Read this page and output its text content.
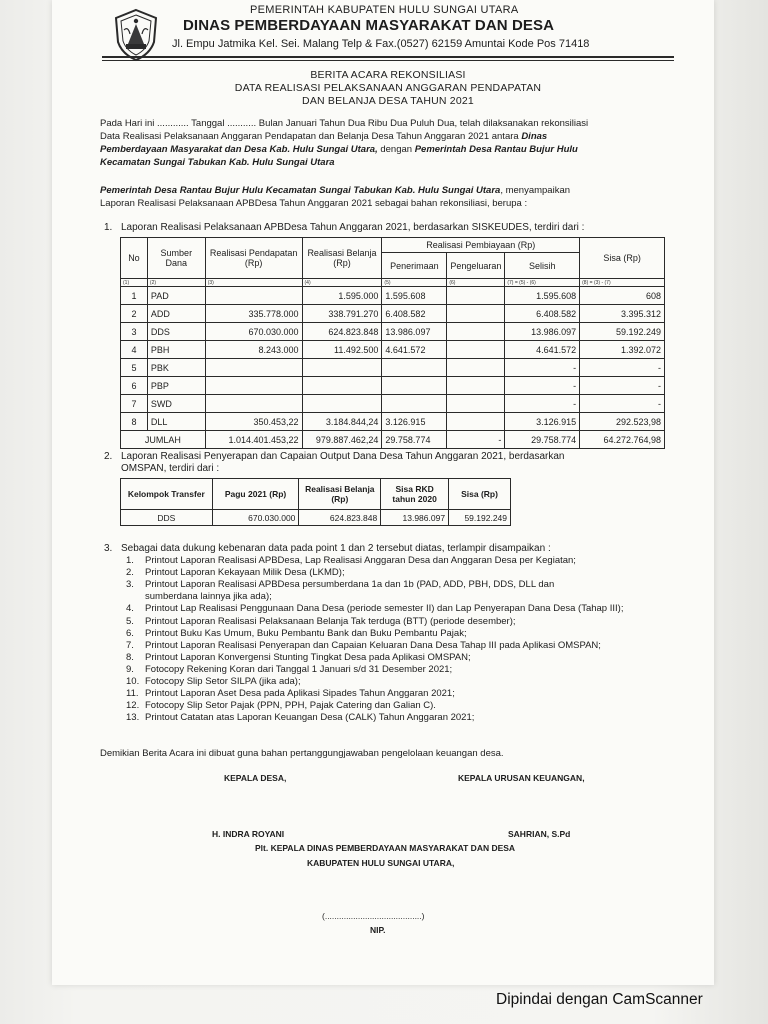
PEMERINTAH KABUPATEN HULU SUNGAI UTARA
DINAS PEMBERDAYAAN MASYARAKAT DAN DESA
Jl. Empu Jatmika Kel. Sei. Malang Telp & Fax.(0527) 62159 Amuntai Kode Pos 71418
BERITA ACARA REKONSILIASI
DATA REALISASI PELAKSANAAN ANGGARAN PENDAPATAN
DAN BELANJA DESA TAHUN 2021
Pada Hari ini ............ Tanggal ........... Bulan Januari Tahun Dua Ribu Dua Puluh Dua, telah dilaksanakan rekonsiliasi
Data Realisasi Pelaksanaan Anggaran Pendapatan dan Belanja Desa Tahun Anggaran 2021 antara Dinas
Pemberdayaan Masyarakat dan Desa Kab. Hulu Sungai Utara, dengan Pemerintah Desa Rantau Bujur Hulu
Kecamatan Sungai Tabukan Kab. Hulu Sungai Utara
Pemerintah Desa Rantau Bujur Hulu Kecamatan Sungai Tabukan Kab. Hulu Sungai Utara, menyampaikan
Laporan Realisasi Pelaksanaan APBDesa Tahun Anggaran 2021 sebagai bahan rekonsiliasi, berupa :
1. Laporan Realisasi Pelaksanaan APBDesa Tahun Anggaran 2021, berdasarkan SISKEUDES, terdiri dari :
No	Sumber Dana	Realisasi Pendapatan (Rp)	Realisasi Belanja (Rp)	Realisasi Pembiayaan (Rp)			Sisa (Rp)
				Penerimaan	Pengeluaran	Selisih	
(1)	(2)	(3)	(4)	(5)	(6)	(7) = (5) - (6)	(8) = (3) - (7)
1	PAD		1.595.000	1.595.608		1.595.608	608
2	ADD	335.778.000	338.791.270	6.408.582		6.408.582	3.395.312
3	DDS	670.030.000	624.823.848	13.986.097		13.986.097	59.192.249
4	PBH	8.243.000	11.492.500	4.641.572		4.641.572	1.392.072
5	PBK					-	-
6	PBP					-	-
7	SWD					-	-
8	DLL	350.453,22	3.184.844,24	3.126.915		3.126.915	292.523,98
JUMLAH		1.014.401.453,22	979.887.462,24	29.758.774	-	29.758.774	64.272.764,98
2. Laporan Realisasi Penyerapan dan Capaian Output Dana Desa Tahun Anggaran 2021, berdasarkan
OMSPAN, terdiri dari :
Kelompok Transfer	Pagu 2021 (Rp)	Realisasi Belanja (Rp)	Sisa RKD tahun 2020	Sisa (Rp)
DDS	670.030.000	624.823.848	13.986.097	59.192.249
3. Sebagai data dukung kebenaran data pada point 1 dan 2 tersebut diatas, terlampir disampaikan :
1. Printout Laporan Realisasi APBDesa, Lap Realisasi Anggaran Desa dan Anggaran Desa per Kegiatan;
2. Printout Laporan Kekayaan Milik Desa (LKMD);
3. Printout Laporan Realisasi APBDesa persumberdana 1a dan 1b (PAD, ADD, PBH, DDS, DLL dan
sumberdana lainnya jika ada);
4. Printout Lap Realisasi Penggunaan Dana Desa (periode semester II) dan Lap Penyerapan Dana Desa (Tahap III);
5. Printout Laporan Realisasi Pelaksanaan Belanja Tak terduga (BTT) (periode desember);
6. Printout Buku Kas Umum, Buku Pembantu Bank dan Buku Pembantu Pajak;
7. Printout Laporan Realisasi Penyerapan dan Capaian Keluaran Dana Desa Tahap III pada Aplikasi OMSPAN;
8. Printout Laporan Konvergensi Stunting Tingkat Desa pada Aplikasi OMSPAN;
9. Fotocopy Rekening Koran dari Tanggal 1 Januari s/d 31 Desember 2021;
10. Fotocopy Slip Setor SILPA (jika ada);
11. Printout Laporan Aset Desa pada Aplikasi Sipades Tahun Anggaran 2021;
12. Fotocopy Slip Setor Pajak (PPN, PPH, Pajak Catering dan Galian C).
13. Printout Catatan atas Laporan Keuangan Desa (CALK) Tahun Anggaran 2021;
Demikian Berita Acara ini dibuat guna bahan pertanggungjawaban pengelolaan keuangan desa.
KEPALA DESA,	KEPALA URUSAN KEUANGAN,
H. INDRA ROYANI	SAHRIAN, S.Pd
Plt. KEPALA DINAS PEMBERDAYAAN MASYARAKAT DAN DESA
KABUPATEN HULU SUNGAI UTARA,
(.........................................)
NIP.
Dipindai dengan CamScanner
